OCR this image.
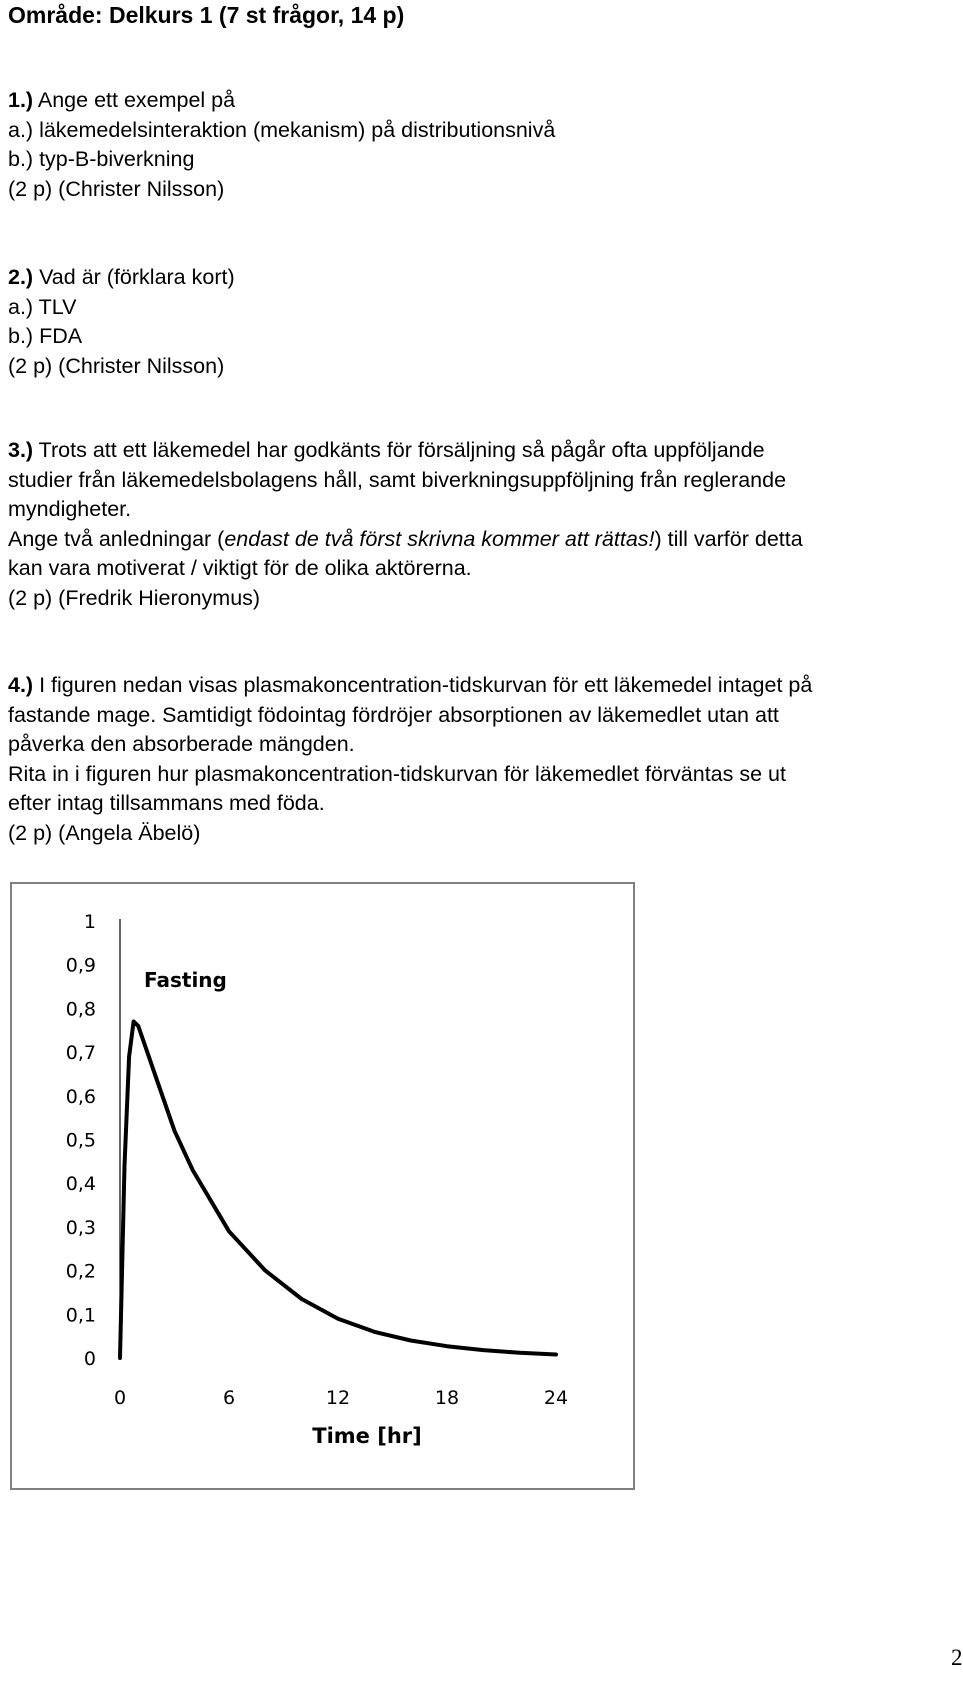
Område: Delkurs 1 (7 st frågor, 14 p)

1.) Ange ett exempel på

a.) läkemedelsinteraktion (mekanism) på distributionsnivå

b.) typ-B-biverkning

(2 p) (Christer Nilsson)

2.) Vad är (förklara kort)

a.) TLV

b.) FDA

(2 p) (Christer Nilsson)

3.) Trots att ett läkemedel har godkänts för försäljning så pågår ofta uppföljande

studier från läkemedelsbolagens håll, samt biverkningsuppföljning från reglerande

myndigheter.

Ange två anledningar (endast de två först skrivna kommer att rättas!) till varför detta

kan vara motiverat / viktigt för de olika aktörerna.

(2 p) (Fredrik Hieronymus)

4.) I figuren nedan visas plasmakoncentration-tidskurvan för ett läkemedel intaget på

fastande mage. Samtidigt födointag fördröjer absorptionen av läkemedlet utan att

påverka den absorberade mängden.

Rita in i figuren hur plasmakoncentration-tidskurvan för läkemedlet förväntas se ut

efter intag tillsammans med föda.

(2 p) (Angela Äbelö)

0
0,1
0,2
0,3
0,4
0,5
0,6
0,7
0,8
0,9
1
0	6	12	18	24
Fasting
Time [hr]
2
